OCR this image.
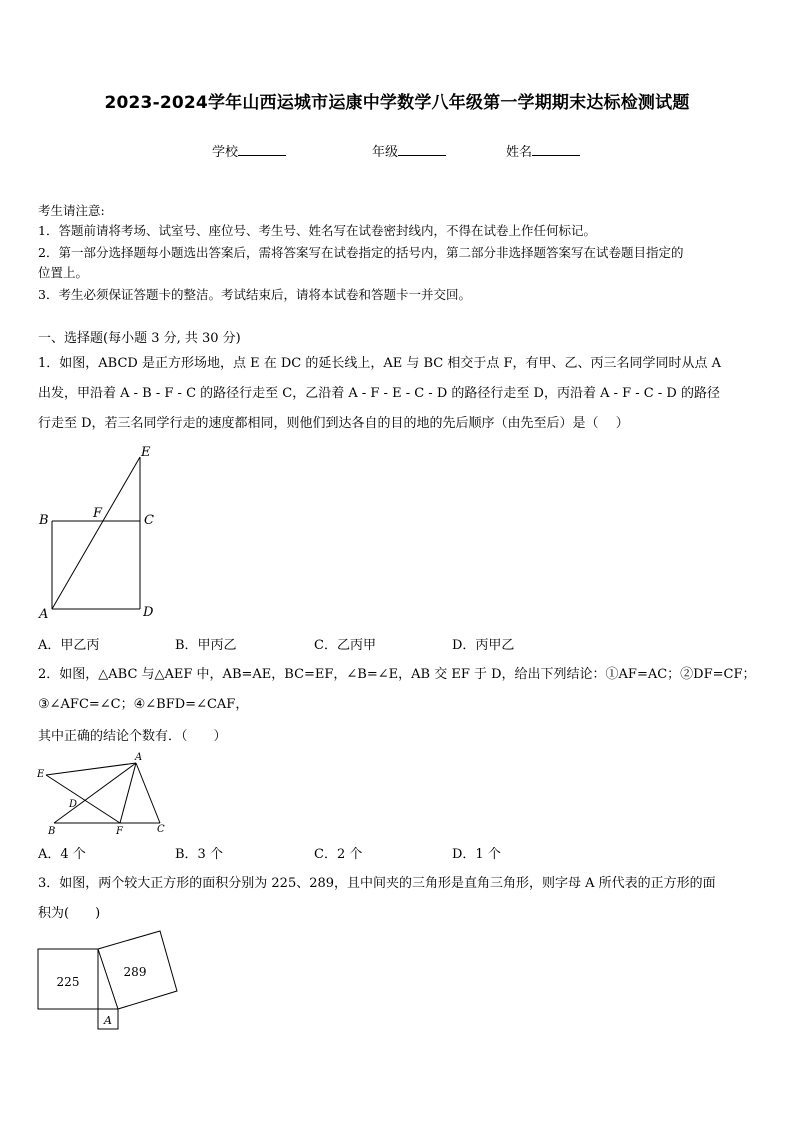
2023-2024学年山西运城市运康中学数学八年级第一学期期末达标检测试题
学校	年级	姓名
考生请注意:
1．答题前请将考场、试室号、座位号、考生号、姓名写在试卷密封线内，不得在试卷上作任何标记。
2．第一部分选择题每小题选出答案后，需将答案写在试卷指定的括号内，第二部分非选择题答案写在试卷题目指定的
位置上。
3．考生必须保证答题卡的整洁。考试结束后，请将本试卷和答题卡一并交回。
一、选择题(每小题 3 分, 共 30 分)
1．如图，ABCD 是正方形场地，点 E 在 DC 的延长线上，AE 与 BC 相交于点 F，有甲、乙、丙三名同学同时从点 A
出发，甲沿着 A - B - F - C 的路径行走至 C，乙沿着 A - F - E - C - D 的路径行走至 D，丙沿着 A - F - C - D 的路径
行走至 D，若三名同学行走的速度都相同，则他们到达各自的目的地的先后顺序（由先至后）是（　 ）
E
B	F	C
A	D
A．甲乙丙	B．甲丙乙	C．乙丙甲	D．丙甲乙
2．如图，△ABC 与△AEF 中，AB=AE，BC=EF，∠B=∠E，AB 交 EF 于 D，给出下列结论：①AF=AC；②DF=CF；
③∠AFC=∠C；④∠BFD=∠CAF，
其中正确的结论个数有．（　　）
A
E
D
B	F	C
A．4 个	B．3 个	C．2 个	D．1 个
3．如图，两个较大正方形的面积分别为 225、289，且中间夹的三角形是直角三角形，则字母 A 所代表的正方形的面
积为(　　)
225
289
A
